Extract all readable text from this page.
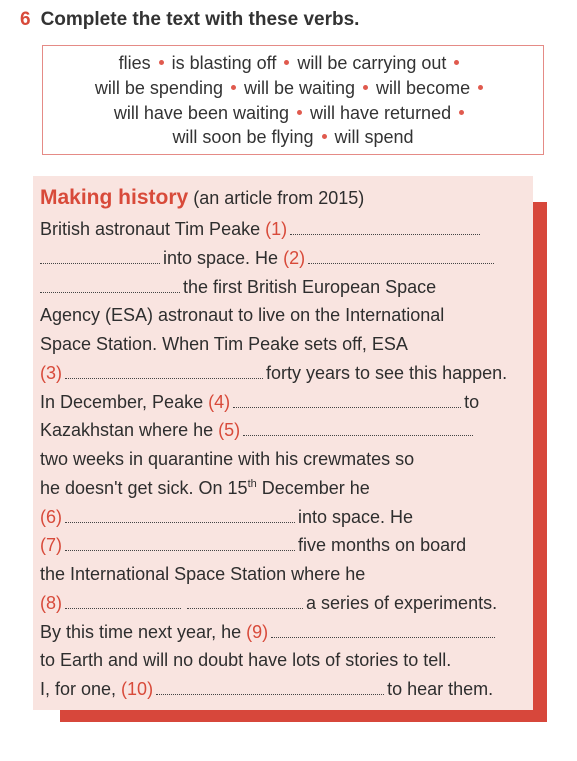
6 Complete the text with these verbs.
flies is blasting off will be carrying out
will be spending will be waiting will become
will have been waiting will have returned
will soon be flying will spend
Making history (an article from 2015)
British astronaut Tim Peake (1)
into space. He (2)
the first British European Space
Agency (ESA) astronaut to live on the International
Space Station. When Tim Peake sets off, ESA
(3)	forty years to see this happen.
In December, Peake (4)	to
Kazakhstan where he (5)
two weeks in quarantine with his crewmates so
he doesn't get sick. On 15th December he
(6)	into space. He
(7)	five months on board
the International Space Station where he
(8)	a series of experiments.
By this time next year, he (9)
to Earth and will no doubt have lots of stories to tell.
I, for one, (10)	to hear them.
